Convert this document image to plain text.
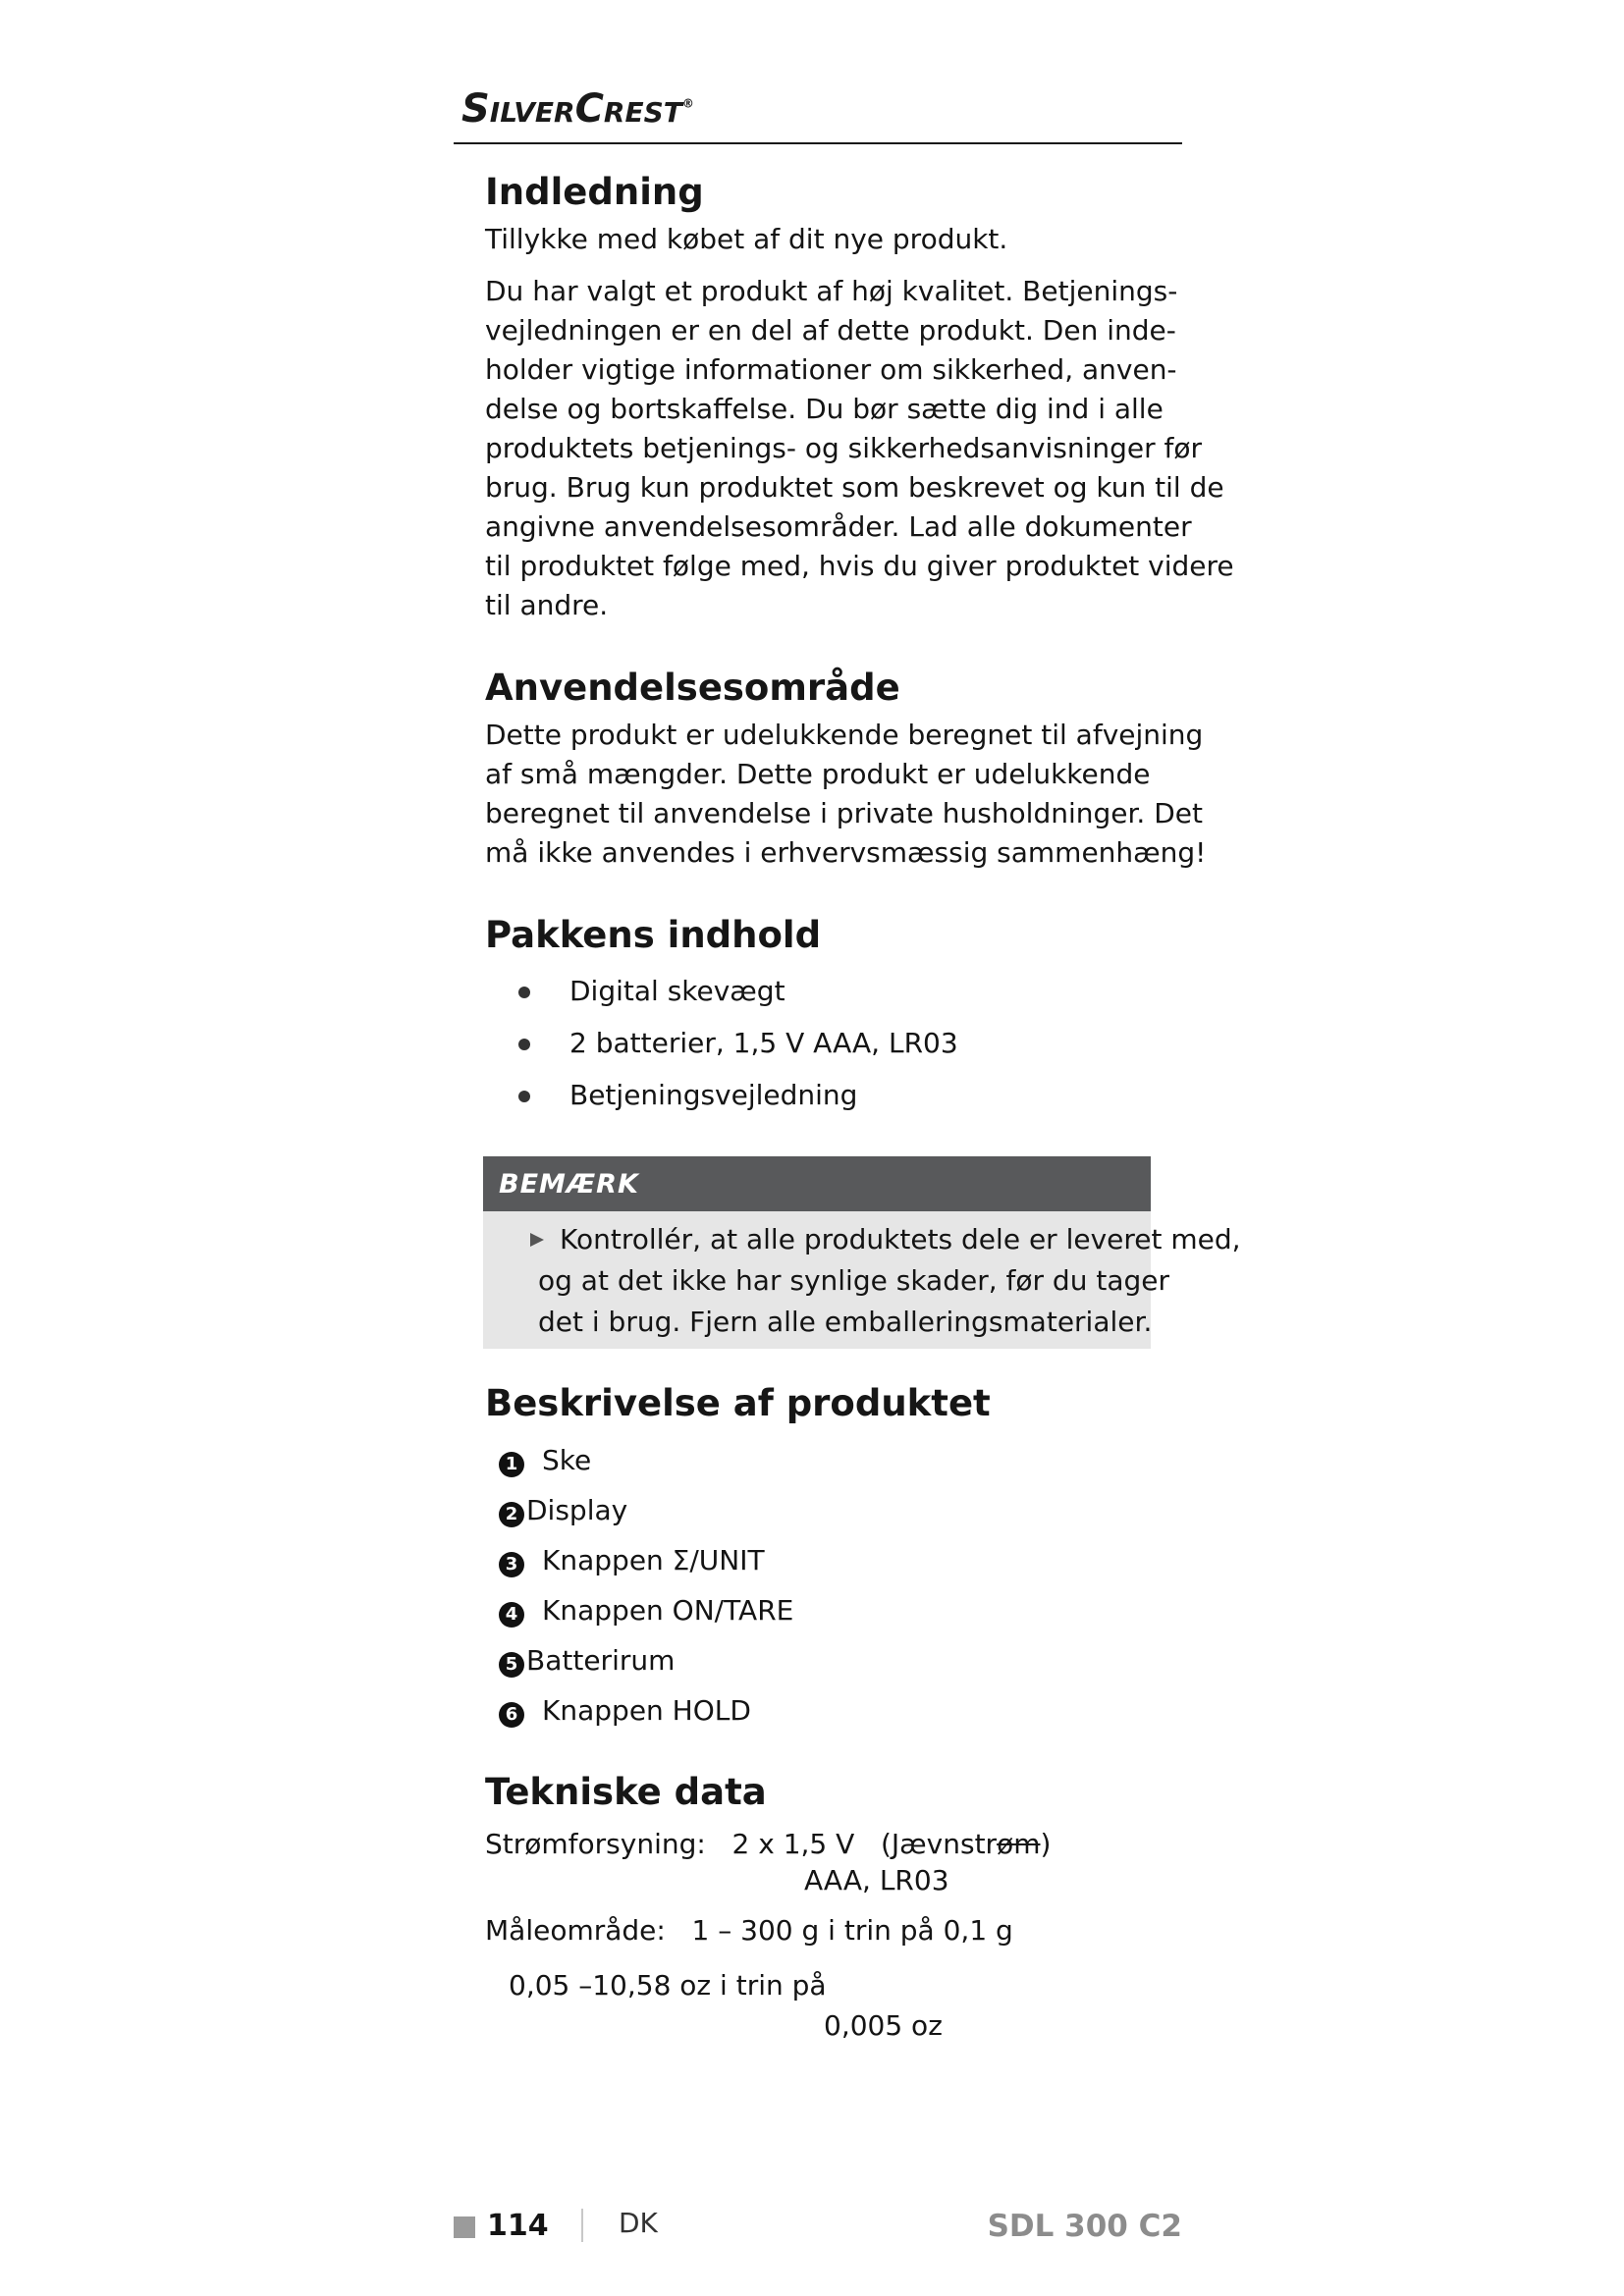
SilverCrest®
Indledning

Tillykke med købet af dit nye produkt.

Du har valgt et produkt af høj kvalitet. Betjenings-

vejledningen er en del af dette produkt. Den inde-

holder vigtige informationer om sikkerhed, anven-

delse og bortskaffelse. Du bør sætte dig ind i alle

produktets betjenings- og sikkerhedsanvisninger før

brug. Brug kun produktet som beskrevet og kun til de

angivne anvendelsesområder. Lad alle dokumenter

til produktet følge med, hvis du giver produktet videre

til andre.

Anvendelsesområde

Dette produkt er udelukkende beregnet til afvejning

af små mængder. Dette produkt er udelukkende

beregnet til anvendelse i private husholdninger. Det

må ikke anvendes i erhvervsmæssig sammenhæng!

Pakkens indhold
Digital skevægt
2 batterier, 1,5 V AAA, LR03
Betjeningsvejledning
BEMÆRK

Kontrollér, at alle produktets dele er leveret med,

og at det ikke har synlige skader, før du tager

det i brug. Fjern alle emballeringsmaterialer.

Beskrivelse af produktet
1 Ske
2 Display
3 Knappen Σ/UNIT
4 Knappen ON/TARE
5 Batterirum
6 Knappen HOLD
Tekniske data

Strømforsyning: 2 x 1,5 V (Jævnstrøm)

AAA, LR03

Måleområde: 1 – 300 g i trin på 0,1 g

0,05 –10,58 oz i trin på

0,005 oz

114	DK	SDL 300 C2
